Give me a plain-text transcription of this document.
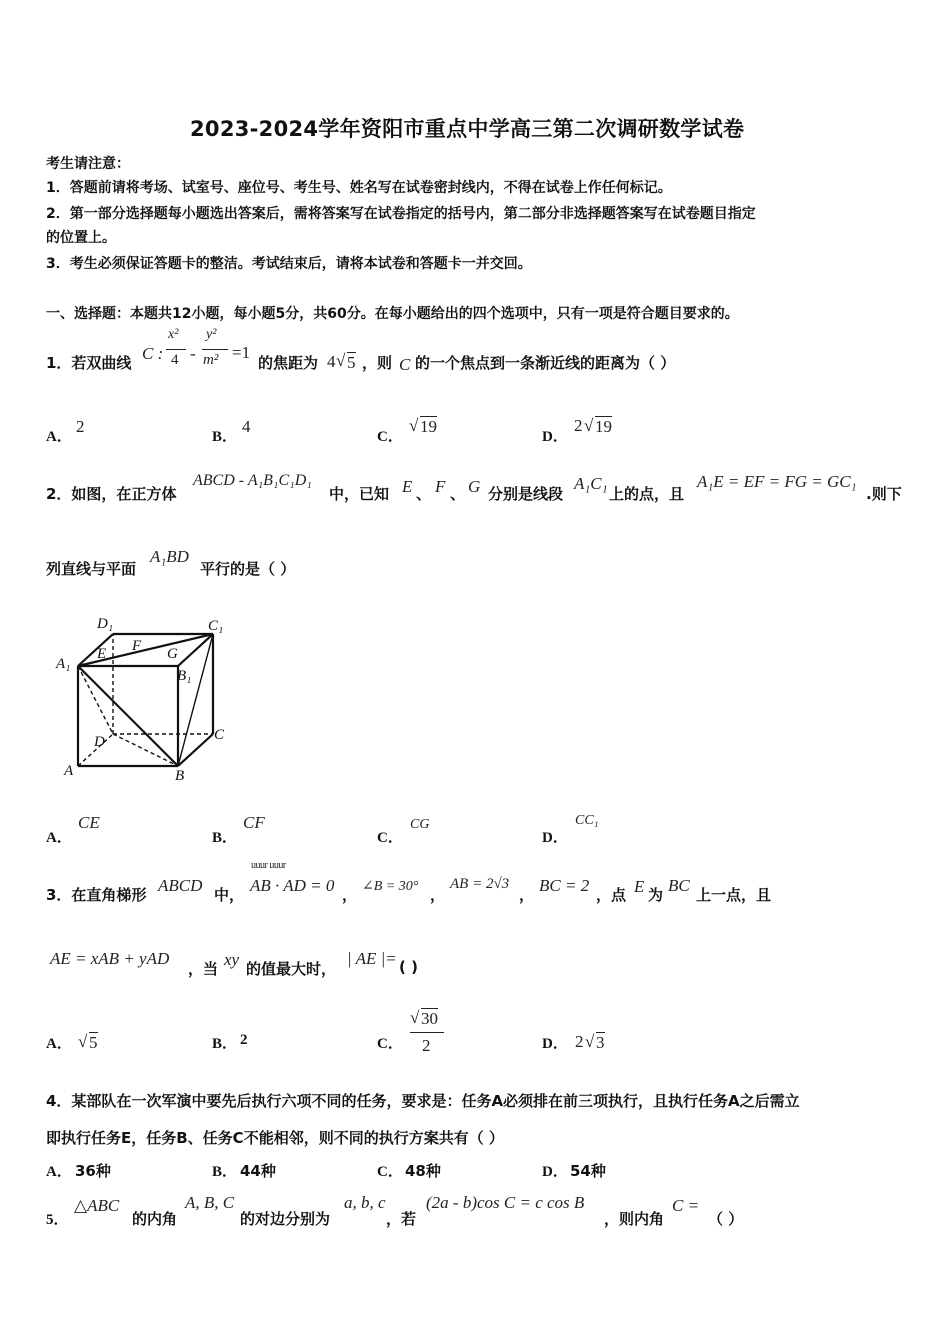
2023-2024学年资阳市重点中学高三第二次调研数学试卷
考生请注意：
1．答题前请将考场、试室号、座位号、考生号、姓名写在试卷密封线内，不得在试卷上作任何标记。
2．第一部分选择题每小题选出答案后，需将答案写在试卷指定的括号内，第二部分非选择题答案写在试卷题目指定
的位置上。
3．考生必须保证答题卡的整洁。考试结束后，请将本试卷和答题卡一并交回。
一、选择题：本题共12小题，每小题5分，共60分。在每小题给出的四个选项中，只有一项是符合题目要求的。
1．若双曲线 C :
x²
4 -
y²
m² =1
的焦距为 4 √ 5 ，则 C 的一个焦点到一条渐近线的距离为（ ）
A．
2
B．
4
C．
√ 19
D．
2 √ 19
2．如图，在正方体
ABCD - A₁B₁C₁D₁
中，已知 E 、 F 、 G 分别是线段
A₁C₁
上的点，且
A₁E = EF = FG = GC₁
.则下
列直线与平面
A₁BD
平行的是（ ）
D₁	C₁
A₁
E F G
B₁
D	C
A	B
A．
CE
B．
CF
C．
CG
D．
CC₁
3．在直角梯形 ABCD 中，
uuur uuur
AB · AD = 0 ， ∠B = 30° ，
AB = 2√3
， BC = 2 ，点 E 为 BC 上一点，且
AE = xAB + yAD
，当 xy 的值最大时，
| AE |= ( )
A． √ 5	B． 2	C．
√ 30
2	D． 2 √ 3
4．某部队在一次军演中要先后执行六项不同的任务，要求是：任务A必须排在前三项执行，且执行任务A之后需立
即执行任务E，任务B、任务C不能相邻，则不同的执行方案共有（ ）
A． 36种	B． 44种	C． 48种	D． 54种
5．
△ABC
的内角
A, B, C
的对边分别为
a, b, c
，若
(2a - b)cos C = c cos B
，则内角
C =
（ ）
